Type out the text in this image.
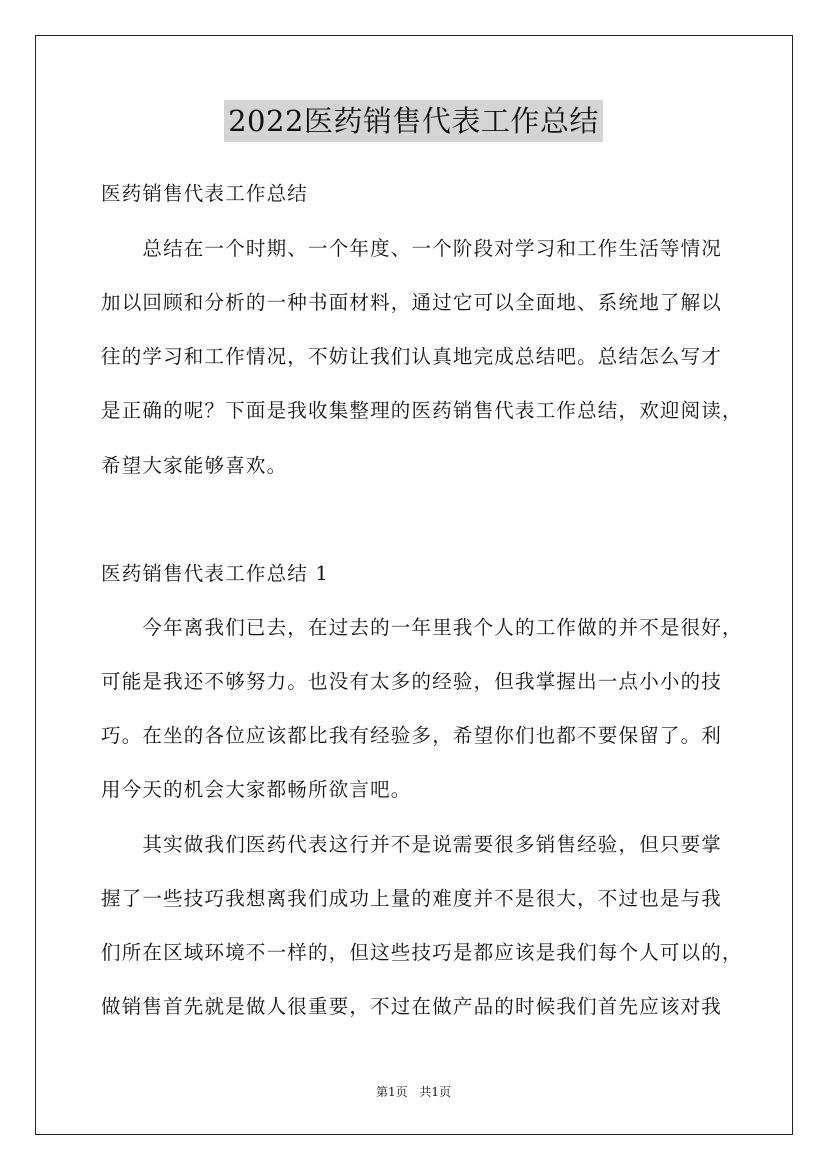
2022医药销售代表工作总结
医药销售代表工作总结
　　总结在一个时期、一个年度、一个阶段对学习和工作生活等情况
加以回顾和分析的一种书面材料，通过它可以全面地、系统地了解以
往的学习和工作情况，不妨让我们认真地完成总结吧。总结怎么写才
是正确的呢？下面是我收集整理的医药销售代表工作总结，欢迎阅读，
希望大家能够喜欢。
医药销售代表工作总结 1
　　今年离我们已去，在过去的一年里我个人的工作做的并不是很好，
可能是我还不够努力。也没有太多的经验，但我掌握出一点小小的技
巧。在坐的各位应该都比我有经验多，希望你们也都不要保留了。利
用今天的机会大家都畅所欲言吧。
　　其实做我们医药代表这行并不是说需要很多销售经验，但只要掌
握了一些技巧我想离我们成功上量的难度并不是很大，不过也是与我
们所在区域环境不一样的，但这些技巧是都应该是我们每个人可以的，
做销售首先就是做人很重要，不过在做产品的时候我们首先应该对我
第1页 共1页
